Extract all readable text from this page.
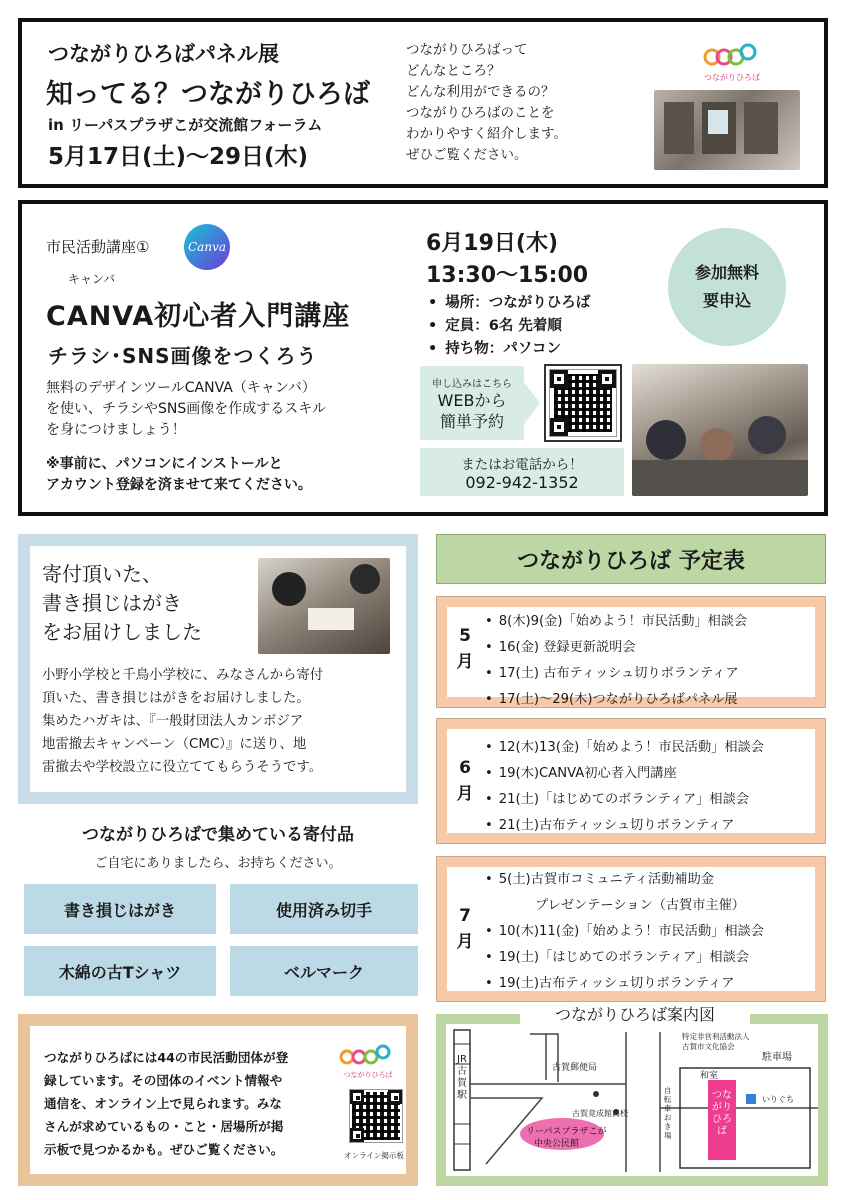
つながりひろばパネル展
知ってる？つながりひろば
in リーパスプラザこが交流館フォーラム
5月17日(土)〜29日(木)
つながりひろばって
どんなところ？
どんな利用ができるの？
つながりひろばのことを
わかりやすく紹介します。
ぜひご覧ください。
つながりひろば
市民活動講座①	Canva
キャンバ
CANVA初心者入門講座
チラシ･SNS画像をつくろう
無料のデザインツールCANVA（キャンバ）
を使い、チラシやSNS画像を作成するスキル
を身につけましょう！
※事前に、パソコンにインストールと
アカウント登録を済ませて来てください。
6月19日(木)
13:30〜15:00
• 場所：つながりひろば
• 定員：6名 先着順
• 持ち物：パソコン
参加無料
要申込
申し込みはこちら
WEBから
簡単予約
またはお電話から！
092-942-1352
寄付頂いた、
書き損じはがき
をお届けしました
小野小学校と千鳥小学校に、みなさんから寄付
頂いた、書き損じはがきをお届けしました。
集めたハガキは、『一般財団法人カンボジア
地雷撤去キャンペーン（CMC）』に送り、地
雷撤去や学校設立に役立ててもらうそうです。
つながりひろばで集めている寄付品
ご自宅にありましたら、お持ちください。
書き損じはがき	使用済み切手
木綿の古Tシャツ	ベルマーク
つながりひろばには44の市民活動団体が登
録しています。その団体のイベント情報や
通信を、オンライン上で見られます。みな
さんが求めているもの・こと・居場所が掲
示板で見つかるかも。ぜひご覧ください。
つながりひろば
オンライン掲示板
つながりひろば 予定表
5
月
• 8(木)9(金)「始めよう！市民活動」相談会
• 16(金) 登録更新説明会
• 17(土) 古布ティッシュ切りボランティア
• 17(土)〜29(木)つながりひろばパネル展
6
月
• 12(木)13(金)「始めよう！市民活動」相談会
• 19(木)CANVA初心者入門講座
• 21(土)「はじめてのボランティア」相談会
• 21(土)古布ティッシュ切りボランティア
7
月
• 5(土)古賀市コミュニティ活動補助金
プレゼンテーション（古賀市主催）
• 10(木)11(金)「始めよう！市民活動」相談会
• 19(土)「はじめてのボランティア」相談会
• 19(土)古布ティッシュ切りボランティア
つながりひろば案内図
JR古賀駅
古賀郵便局
古賀竟成館高校
リーパスプラザこが
中央公民館
特定非営利活動法人 古賀市文化協会
駐車場
和室
つながりひろば
いりぐち
自転車おき場
